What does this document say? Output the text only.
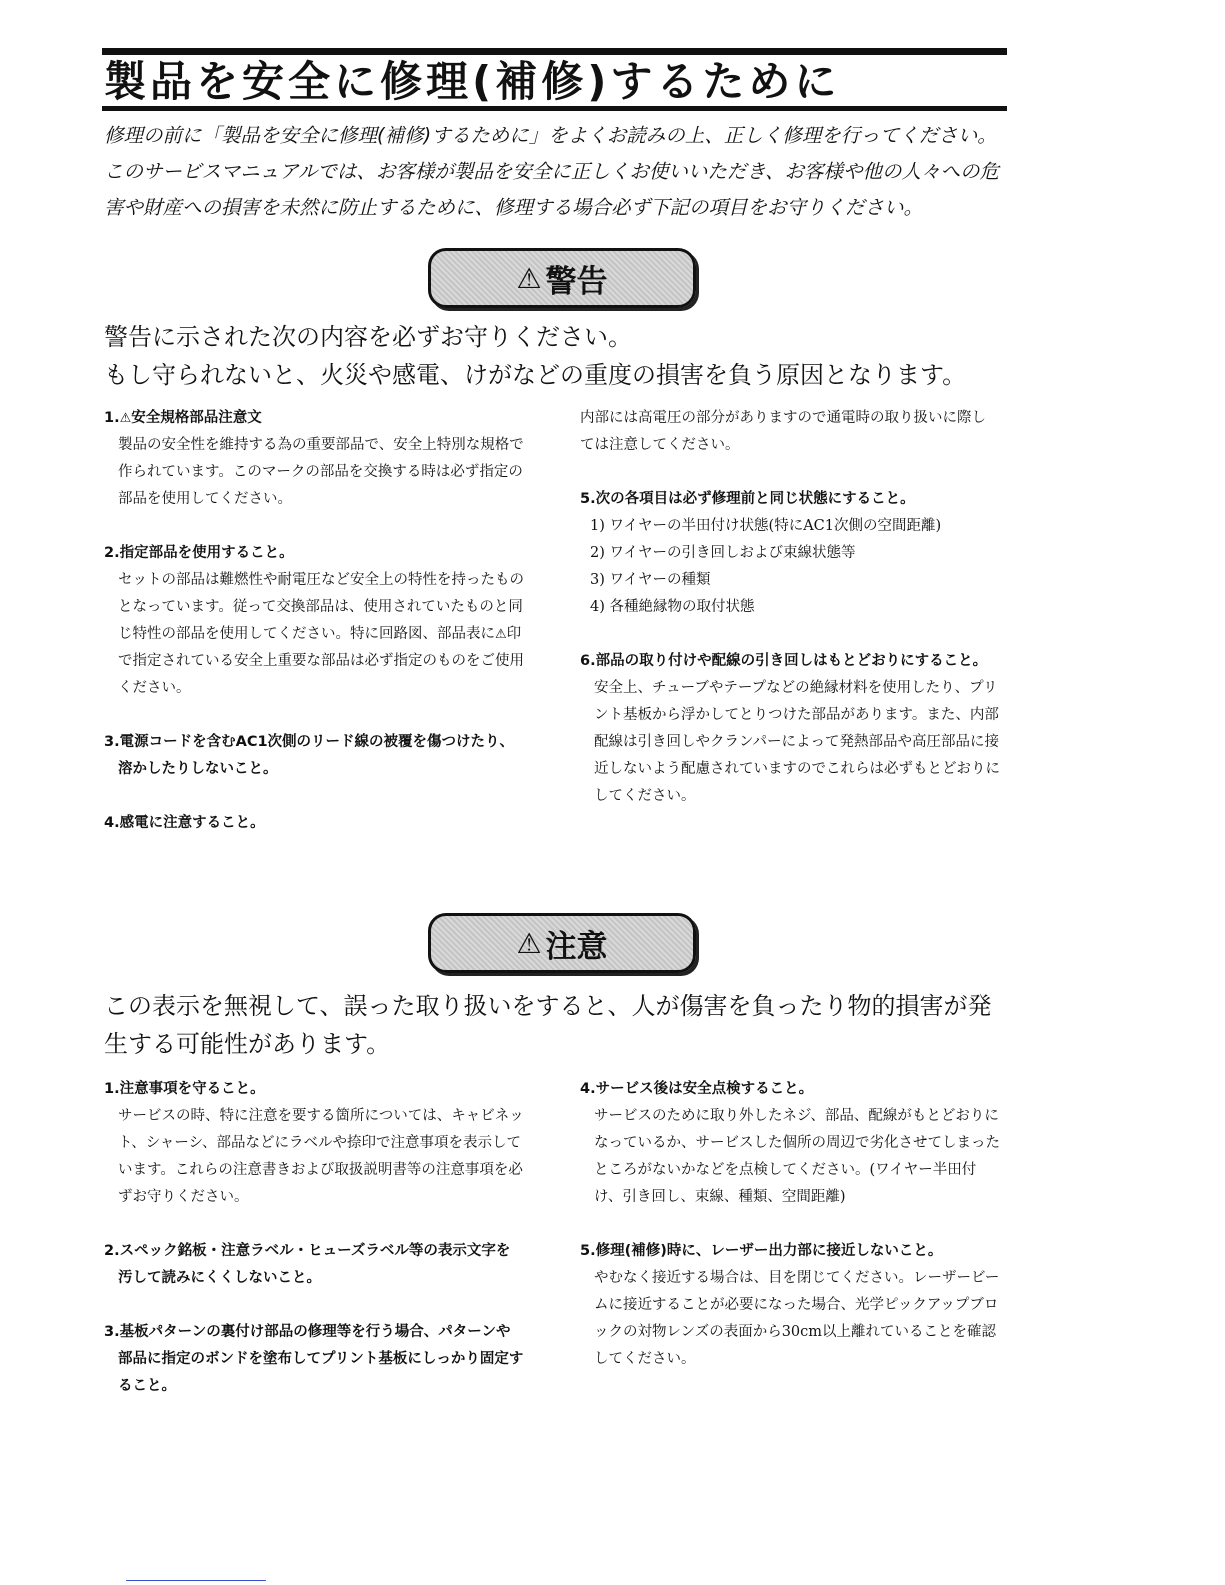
製品を安全に修理(補修)するために

修理の前に「製品を安全に修理(補修)するために」をよくお読みの上、正しく修理を行ってください。

このサービスマニュアルでは、お客様が製品を安全に正しくお使いいただき、お客様や他の人々への危

害や財産への損害を未然に防止するために、修理する場合必ず下記の項目をお守りください。

⚠ 警告

警告に示された次の内容を必ずお守りください。

もし守られないと、火災や感電、けがなどの重度の損害を負う原因となります。

1.⚠安全規格部品注意文
製品の安全性を維持する為の重要部品で、安全上特別な規格で作られています。このマークの部品を交換する時は必ず指定の部品を使用してください。
2.指定部品を使用すること。
セットの部品は難燃性や耐電圧など安全上の特性を持ったものとなっています。従って交換部品は、使用されていたものと同じ特性の部品を使用してください。特に回路図、部品表に⚠印で指定されている安全上重要な部品は必ず指定のものをご使用ください。
3.電源コードを含むAC1次側のリード線の被覆を傷つけたり、溶かしたりしないこと。
4.感電に注意すること。
内部には高電圧の部分がありますので通電時の取り扱いに際しては注意してください。
5.次の各項目は必ず修理前と同じ状態にすること。
1) ワイヤーの半田付け状態(特にAC1次側の空間距離)
2) ワイヤーの引き回しおよび束線状態等
3) ワイヤーの種類
4) 各種絶縁物の取付状態
6.部品の取り付けや配線の引き回しはもとどおりにすること。
安全上、チューブやテープなどの絶縁材料を使用したり、プリント基板から浮かしてとりつけた部品があります。また、内部配線は引き回しやクランパーによって発熱部品や高圧部品に接近しないよう配慮されていますのでこれらは必ずもとどおりにしてください。
⚠ 注意

この表示を無視して、誤った取り扱いをすると、人が傷害を負ったり物的損害が発

生する可能性があります。

1.注意事項を守ること。
サービスの時、特に注意を要する箇所については、キャビネット、シャーシ、部品などにラベルや捺印で注意事項を表示しています。これらの注意書きおよび取扱説明書等の注意事項を必ずお守りください。
2.スペック銘板・注意ラベル・ヒューズラベル等の表示文字を汚して読みにくくしないこと。
3.基板パターンの裏付け部品の修理等を行う場合、パターンや部品に指定のボンドを塗布してプリント基板にしっかり固定すること。
4.サービス後は安全点検すること。
サービスのために取り外したネジ、部品、配線がもとどおりになっているか、サービスした個所の周辺で劣化させてしまったところがないかなどを点検してください。(ワイヤー半田付け、引き回し、束線、種類、空間距離)
5.修理(補修)時に、レーザー出力部に接近しないこと。
やむなく接近する場合は、目を閉じてください。レーザービームに接近することが必要になった場合、光学ピックアップブロックの対物レンズの表面から30cm以上離れていることを確認してください。
